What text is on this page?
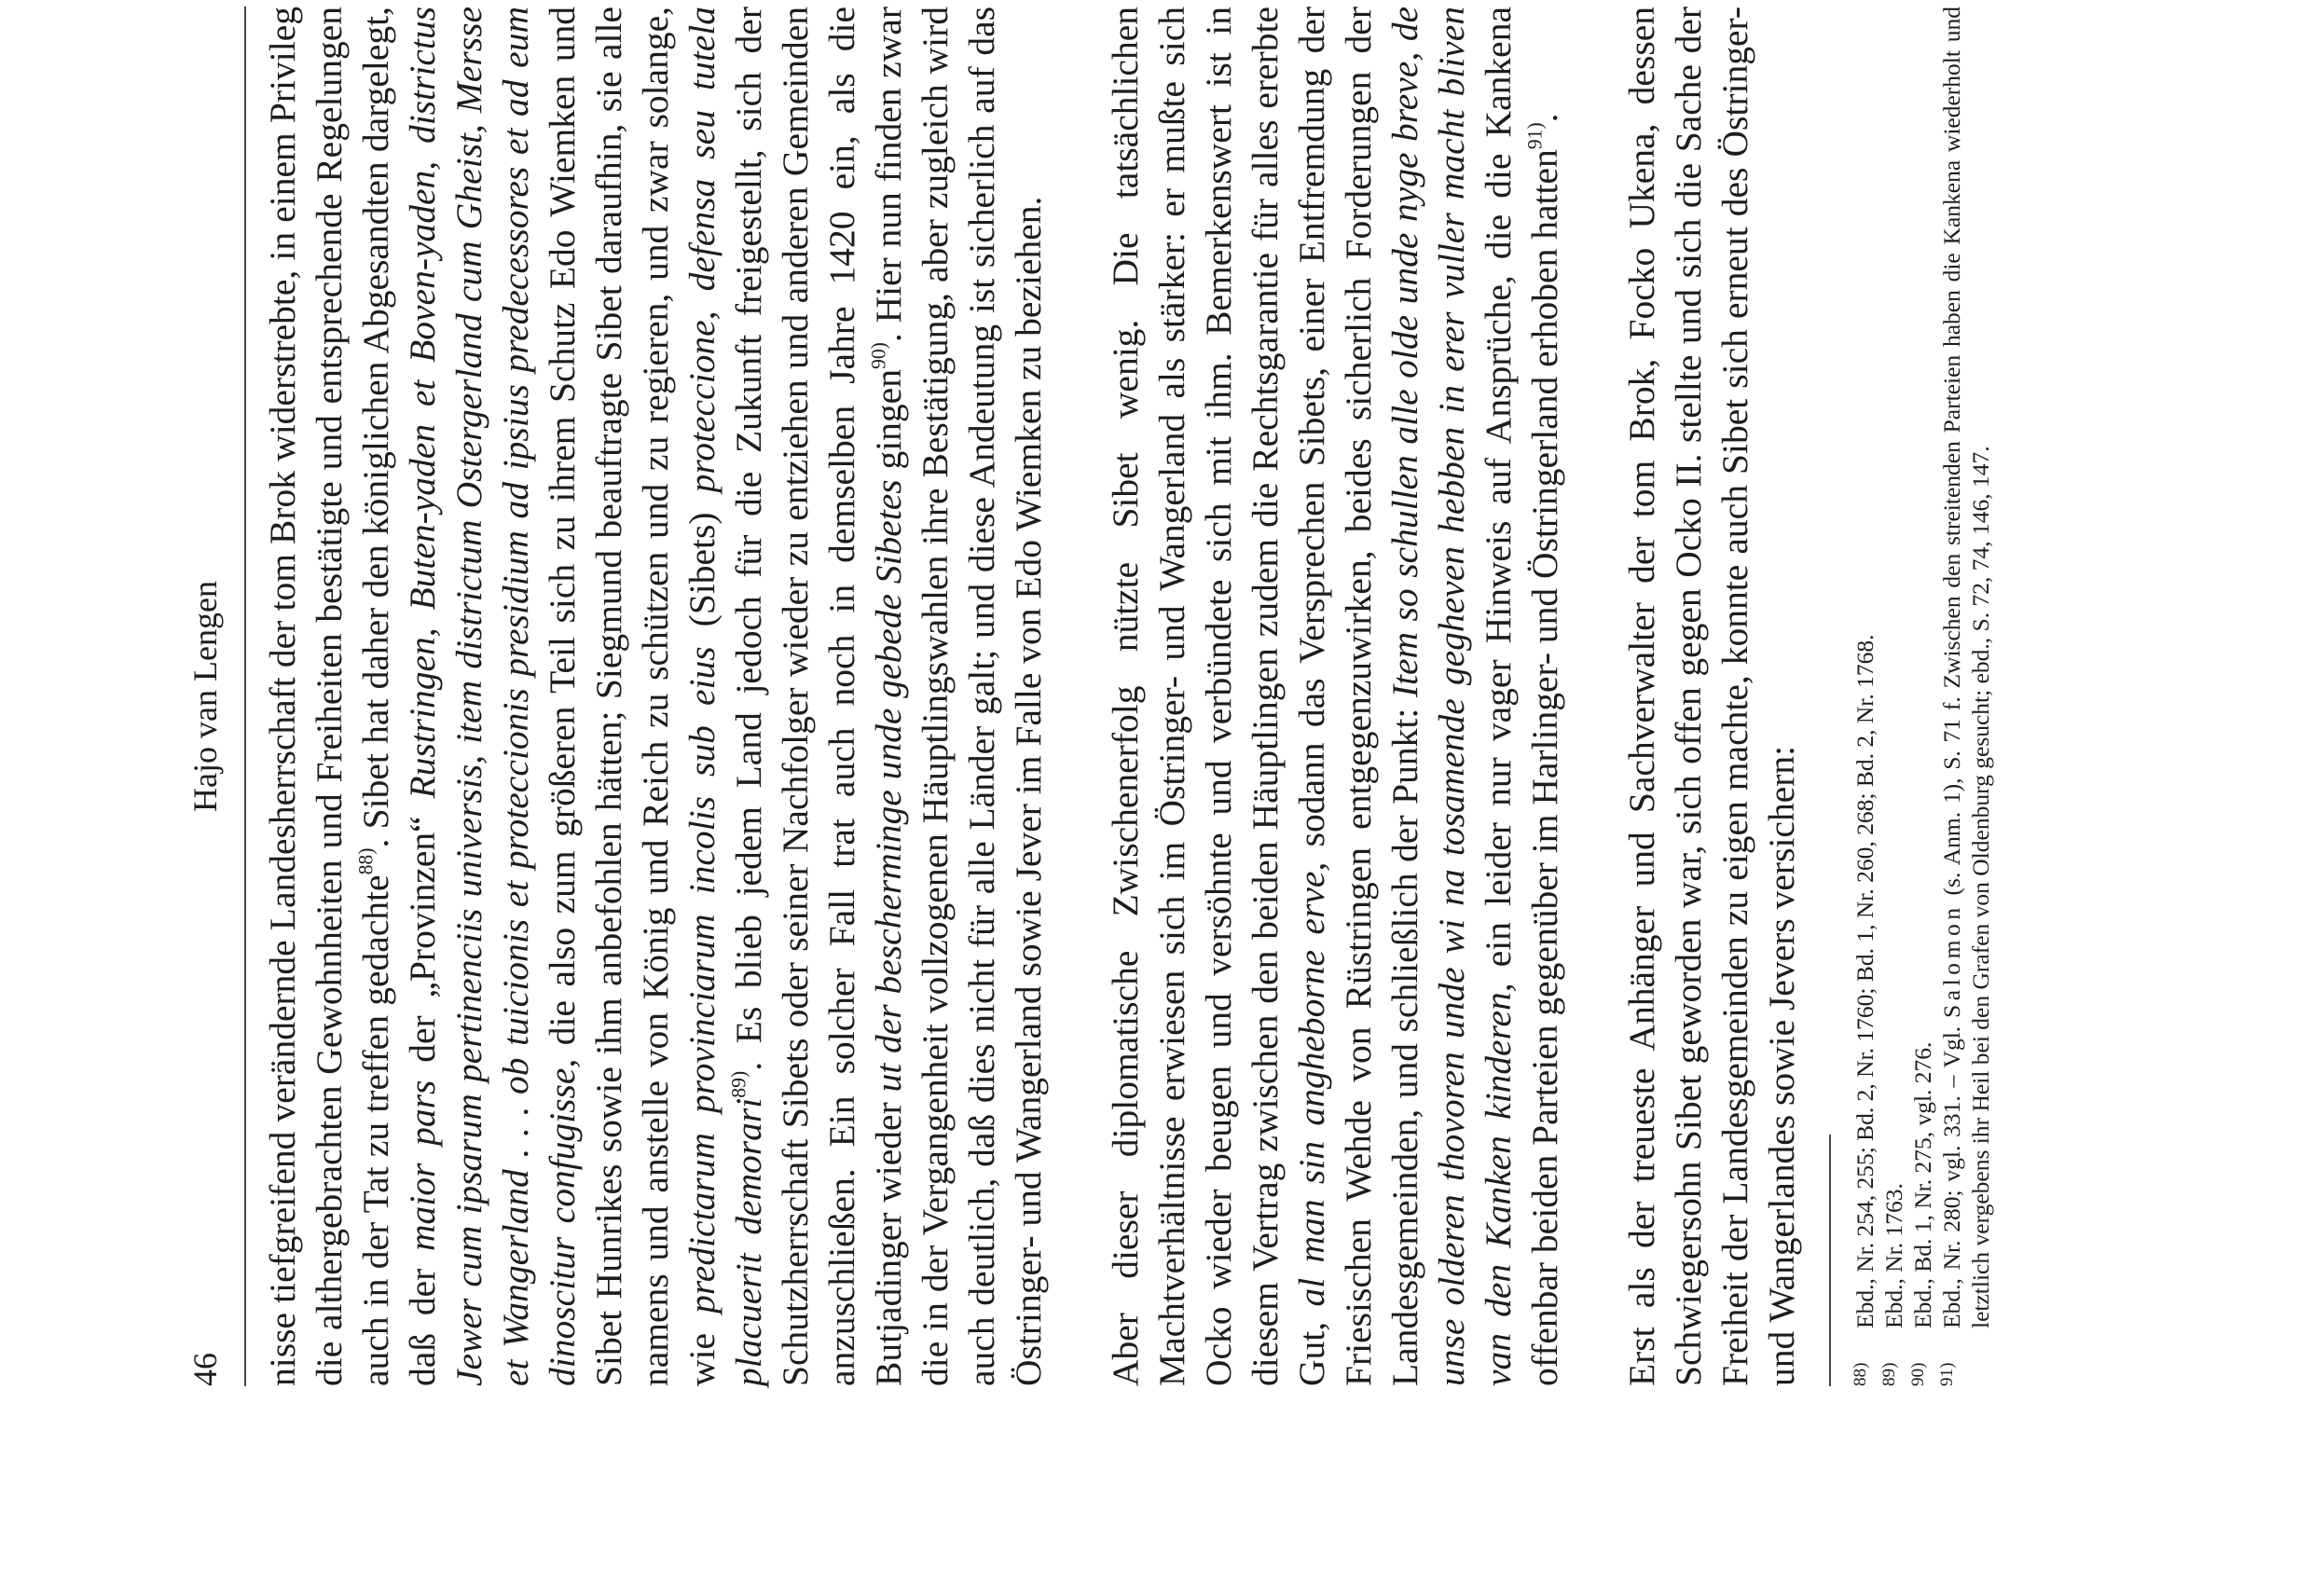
46
Hajo van Lengen nisse tiefgreifend verändernde Landesherrschaft der tom Brok widerstrebte, in einem Privileg die althergebrachten Gewohnheiten und Freiheiten bestätigte und entsprechende Regelungen auch in der Tat zu treffen gedachte$^{88)}$. Sibet hat daher den königlichen Abgesandten dargelegt, daß der maior pars der „Provinzen“ Rustringen, Buten-yaden et Boven-yaden, districtus Jewer cum ipsarum pertinenciis universis, item districtum Ostergerland cum Gheist, Mersse et Wangerland . . . ob tuicionis et proteccionis presidium ad ipsius predecessores et ad eum dinoscitur confugisse, die also zum größeren Teil sich zu ihrem Schutz Edo Wiemken und Sibet Hunrikes sowie ihm anbefohlen hätten; Siegmund beauftragte Sibet daraufhin, sie alle namens und anstelle von König und Reich zu schützen und zu regieren, und zwar solange, wie predictarum provinciarum incolis sub eius (Sibets) proteccione, defensa seu tutela placuerit demorari$^{89)}$. Es blieb jedem Land jedoch für die Zukunft freigestellt, sich der Schutzherrschaft Sibets oder seiner Nachfolger wieder zu entziehen und anderen Gemeinden anzuschließen. Ein solcher Fall trat auch noch in demselben Jahre 1420 ein, als die Butjadinger wieder ut der bescherminge unde gebede Sibetes gingen$^{90)}$. Hier nun finden zwar die in der Vergangenheit vollzogenen Häuptlingswahlen ihre Bestätigung, aber zugleich wird auch deutlich, daß dies nicht für alle Länder galt; und diese Andeutung ist sicherlich auf das Östringer- und Wangerland sowie Jever im Falle von Edo Wiemken zu beziehen. Aber dieser diplomatische Zwischenerfolg nützte Sibet wenig. Die tatsächlichen Machtverhältnisse erwiesen sich im Östringer- und Wangerland als stärker: er mußte sich Ocko wieder beugen und versöhnte und verbündete sich mit ihm. Bemerkenswert ist in diesem Vertrag zwischen den beiden Häuptlingen zudem die Rechtsgarantie für alles ererbte Gut, al man sin angheborne erve, sodann das Versprechen Sibets, einer Entfremdung der Friesischen Wehde von Rüstringen entgegenzuwirken, beides sicherlich Forderungen der Landesgemeinden, und schließlich der Punkt: Item so schullen alle olde unde nyge breve, de unse olderen thovoren unde wi na tosamende gegheven hebben in erer vuller macht bliven van den Kanken kinderen, ein leider nur vager Hinweis auf Ansprüche, die die Kankena offenbar beiden Parteien gegenüber im Harlinger- und Östringerland erhoben hatten$^{91)}$. Erst als der treueste Anhänger und Sachverwalter der tom Brok, Focko Ukena, dessen Schwiegersohn Sibet geworden war, sich offen gegen Ocko II. stellte und sich die Sache der Freiheit der Landesgemeinden zu eigen machte, konnte auch Sibet sich erneut des Östringer- und Wangerlandes sowie Jevers versichern:	88)
Ebd., Nr. 254, 255; Bd. 2, Nr. 1760; Bd. 1, Nr. 260, 268; Bd. 2, Nr. 1768.
89)
Ebd., Nr. 1763.
90)
Ebd., Bd. 1, Nr. 275, vgl. 276.
91)
Ebd., Nr. 280; vgl. 331. – Vgl. Salomon (s. Anm. 1), S. 71 f. Zwischen den streitenden Parteien haben die Kankena wiederholt und letztlich vergebens ihr Heil bei den Grafen von Oldenburg gesucht; ebd., S. 72, 74, 146, 147.
